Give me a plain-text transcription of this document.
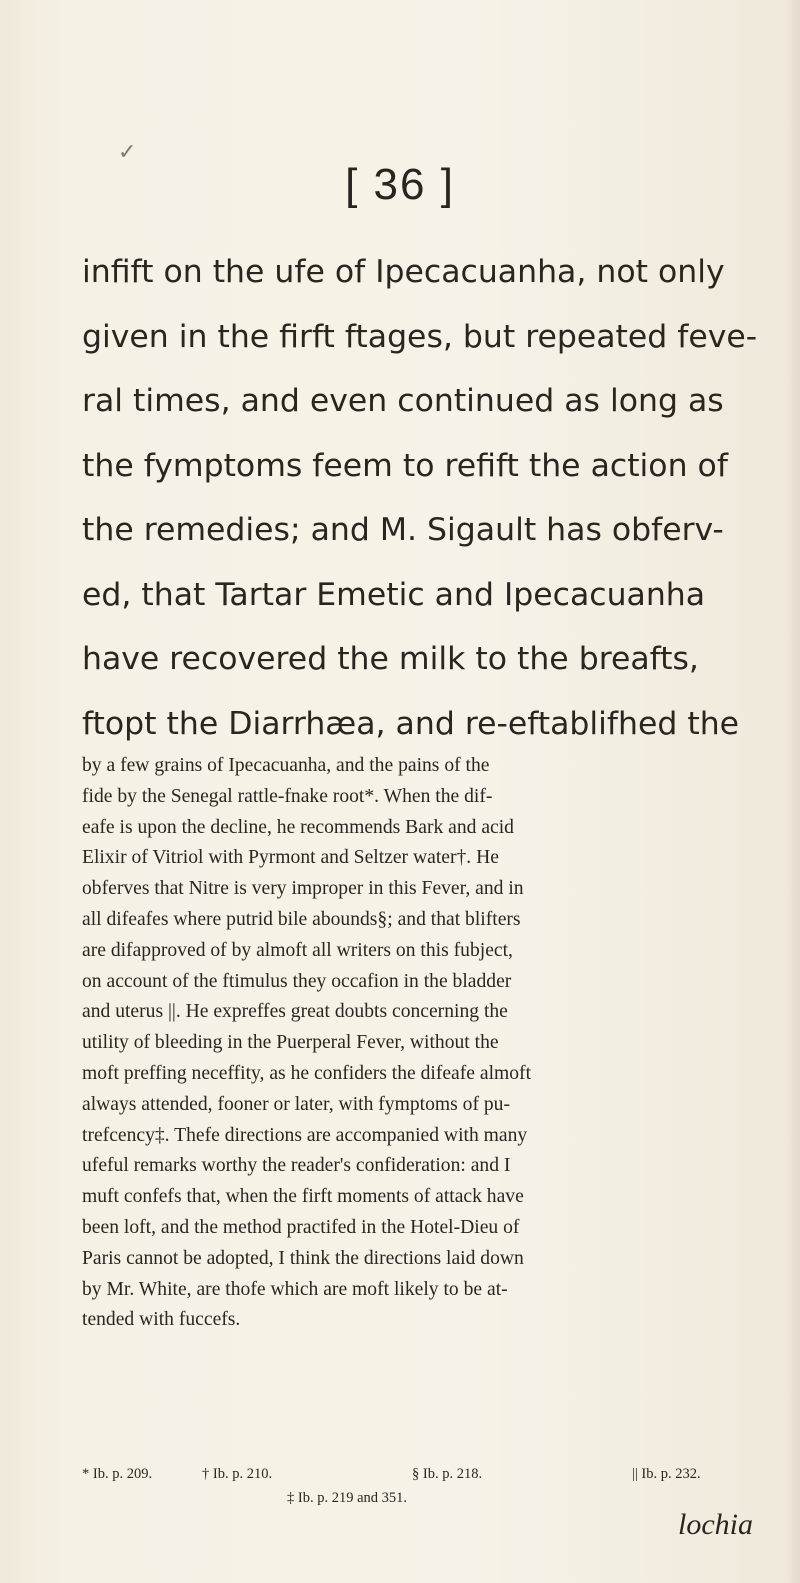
✓
[ 36 ]
infift on the ufe of Ipecacuanha, not only
given in the firft ftages, but repeated feve-
ral times, and even continued as long as
the fymptoms feem to refift the action of
the remedies; and M. Sigault has obferv-
ed, that Tartar Emetic and Ipecacuanha
have recovered the milk to the breafts,
ftopt the Diarrhæa, and re-eftablifhed the
by a few grains of Ipecacuanha, and the pains of the
fide by the Senegal rattle-fnake root*. When the dif-
eafe is upon the decline, he recommends Bark and acid
Elixir of Vitriol with Pyrmont and Seltzer water†. He
obferves that Nitre is very improper in this Fever, and in
all difeafes where putrid bile abounds§; and that blifters
are difapproved of by almoft all writers on this fubject,
on account of the ftimulus they occafion in the bladder
and uterus ||. He expreffes great doubts concerning the
utility of bleeding in the Puerperal Fever, without the
moft preffing neceffity, as he confiders the difeafe almoft
always attended, fooner or later, with fymptoms of pu-
trefcency‡. Thefe directions are accompanied with many
ufeful remarks worthy the reader's confideration: and I
muft confefs that, when the firft moments of attack have
been loft, and the method practifed in the Hotel-Dieu of
Paris cannot be adopted, I think the directions laid down
by Mr. White, are thofe which are moft likely to be at-
tended with fuccefs.
* Ib. p. 209.	† Ib. p. 210.	§ Ib. p. 218.	|| Ib. p. 232.
‡ Ib. p. 219 and 351.
lochia
